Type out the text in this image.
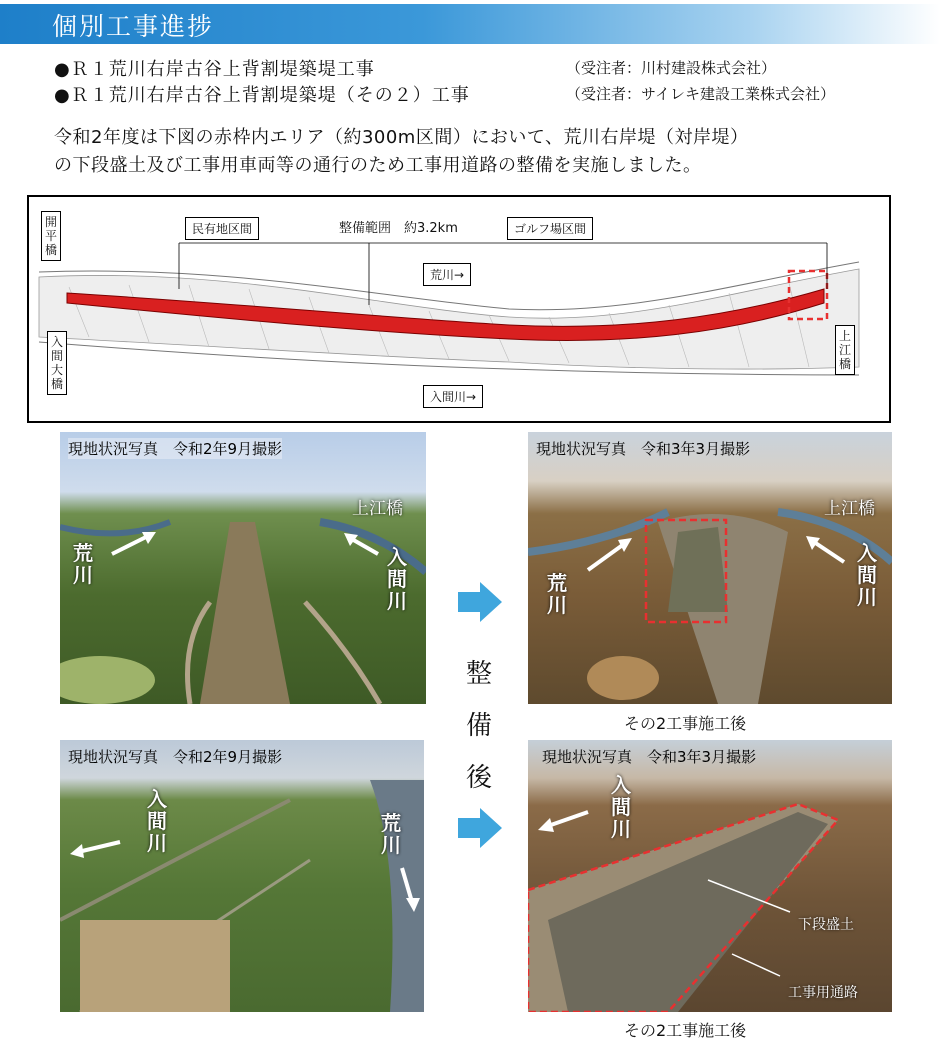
個別工事進捗
●Ｒ１荒川右岸古谷上背割堤築堤工事	（受注者：川村建設株式会社）
●Ｒ１荒川右岸古谷上背割堤築堤（その２）工事	（受注者：サイレキ建設工業株式会社）
令和2年度は下図の赤枠内エリア（約300m区間）において、荒川右岸堤（対岸堤）
の下段盛土及び工事用車両等の通行のため工事用道路の整備を実施しました。
開平橋
入間大橋
上江橋
民有地区間	整備範囲　約3.2km	ゴルフ場区間
荒川→
入間川→
現地状況写真　令和2年9月撮影
荒川
入間川
上江橋
現地状況写真　令和3年3月撮影
荒川
入間川
上江橋
その2工事施工後
整備後
現地状況写真　令和2年9月撮影
入間川
荒川
現地状況写真　令和3年3月撮影
入間川
下段盛土
工事用通路
その2工事施工後
